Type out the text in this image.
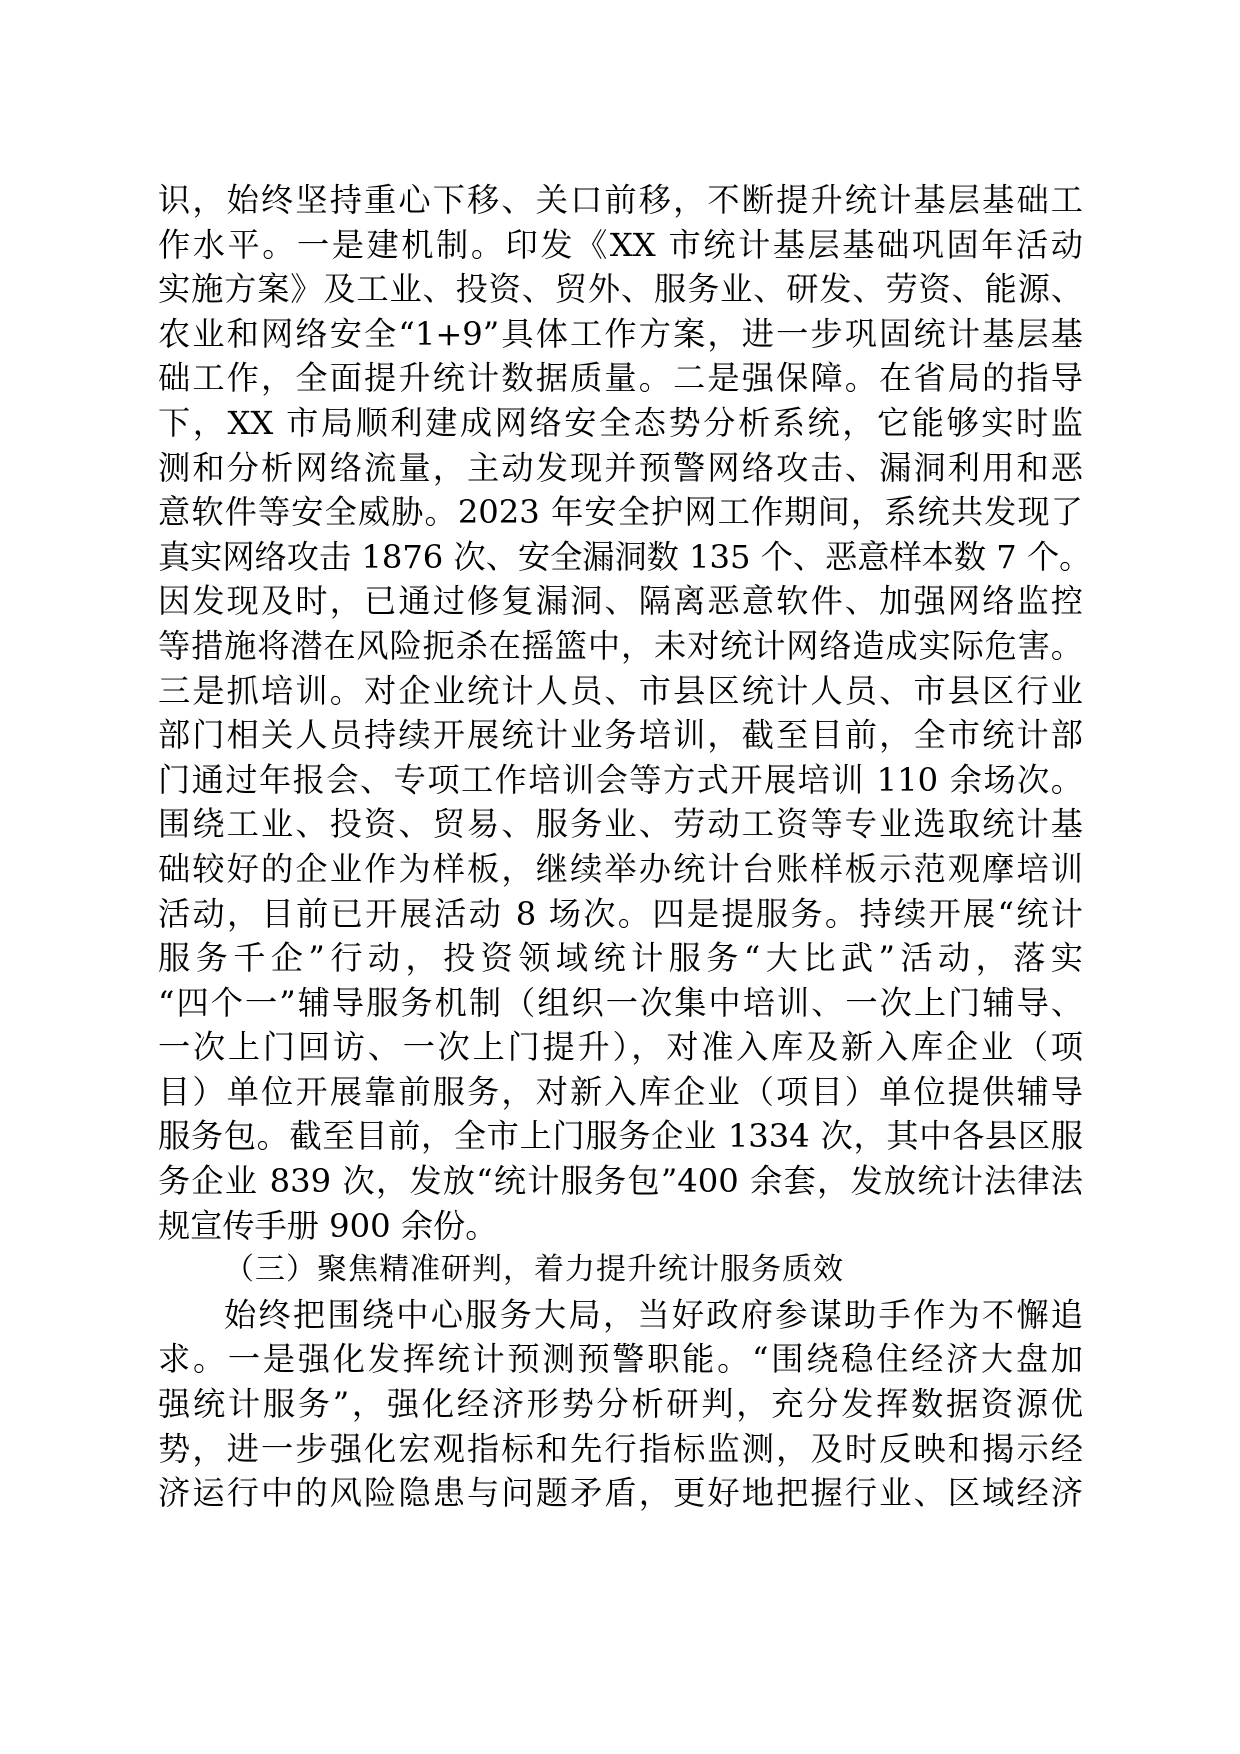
识，始终坚持重心下移、关口前移，不断提升统计基层基础工
作水平。一是建机制。印发《XX 市统计基层基础巩固年活动
实施方案》及工业、投资、贸外、服务业、研发、劳资、能源、
农业和网络安全“1+9”具体工作方案，进一步巩固统计基层基
础工作，全面提升统计数据质量。二是强保障。在省局的指导
下，XX 市局顺利建成网络安全态势分析系统，它能够实时监
测和分析网络流量，主动发现并预警网络攻击、漏洞利用和恶
意软件等安全威胁。2023 年安全护网工作期间，系统共发现了
真实网络攻击 1876 次、安全漏洞数 135 个、恶意样本数 7 个。
因发现及时，已通过修复漏洞、隔离恶意软件、加强网络监控
等措施将潜在风险扼杀在摇篮中，未对统计网络造成实际危害。
三是抓培训。对企业统计人员、市县区统计人员、市县区行业
部门相关人员持续开展统计业务培训，截至目前，全市统计部
门通过年报会、专项工作培训会等方式开展培训 110 余场次。
围绕工业、投资、贸易、服务业、劳动工资等专业选取统计基
础较好的企业作为样板，继续举办统计台账样板示范观摩培训
活动，目前已开展活动 8 场次。四是提服务。持续开展“统计
服务千企”行动，投资领域统计服务“大比武”活动，落实
“四个一”辅导服务机制（组织一次集中培训、一次上门辅导、
一次上门回访、一次上门提升），对准入库及新入库企业（项
目）单位开展靠前服务，对新入库企业（项目）单位提供辅导
服务包。截至目前，全市上门服务企业 1334 次，其中各县区服
务企业 839 次，发放“统计服务包”400 余套，发放统计法律法
规宣传手册 900 余份。
（三）聚焦精准研判，着力提升统计服务质效
始终把围绕中心服务大局，当好政府参谋助手作为不懈追
求。一是强化发挥统计预测预警职能。“围绕稳住经济大盘加
强统计服务”，强化经济形势分析研判，充分发挥数据资源优
势，进一步强化宏观指标和先行指标监测，及时反映和揭示经
济运行中的风险隐患与问题矛盾，更好地把握行业、区域经济
